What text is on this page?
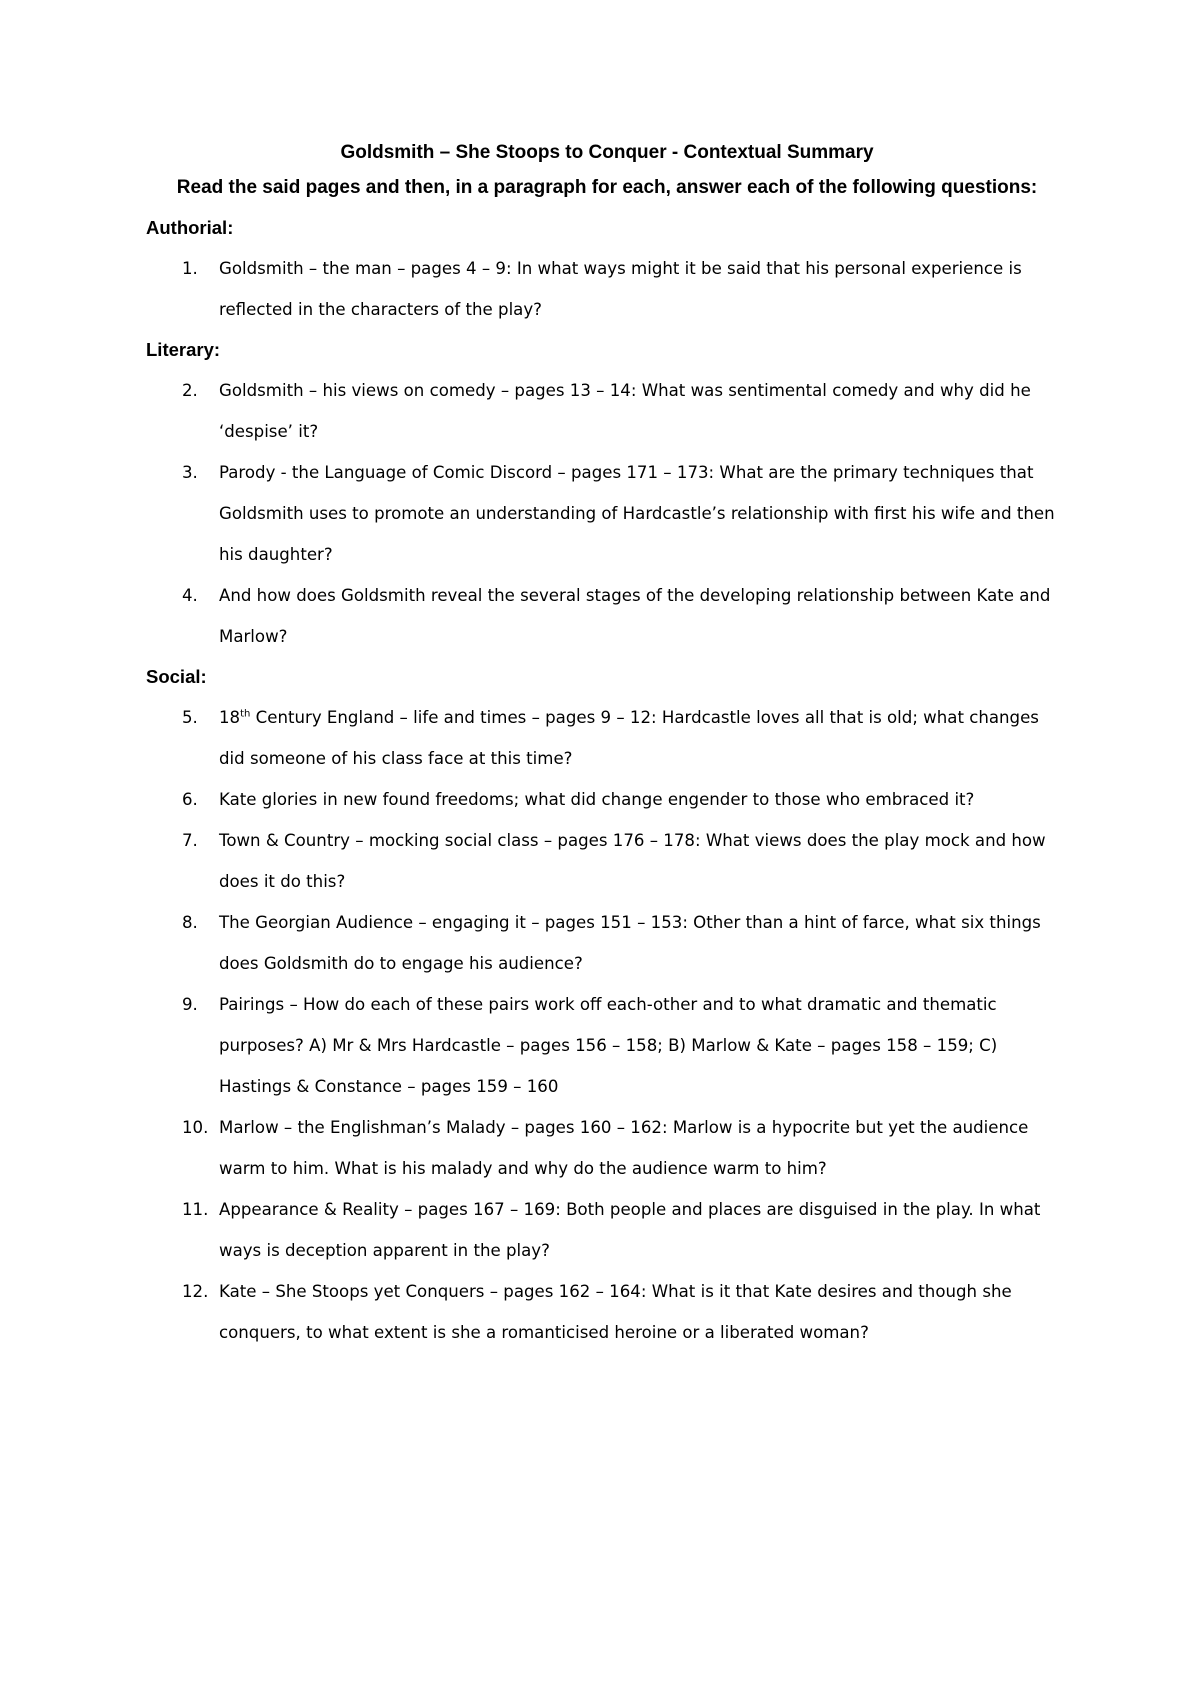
Goldsmith – She Stoops to Conquer - Contextual Summary

Read the said pages and then, in a paragraph for each, answer each of the following questions:

Authorial:

1.	Goldsmith – the man – pages 4 – 9: In what ways might it be said that his personal experience is reflected in the characters of the play?

Literary:

2.	Goldsmith – his views on comedy – pages 13 – 14: What was sentimental comedy and why did he ‘despise’ it?
3.	Parody - the Language of Comic Discord – pages 171 – 173: What are the primary techniques that Goldsmith uses to promote an understanding of Hardcastle’s relationship with first his wife and then his daughter?
4.	And how does Goldsmith reveal the several stages of the developing relationship between Kate and Marlow?

Social:

5.	18th Century England – life and times – pages 9 – 12: Hardcastle loves all that is old; what changes did someone of his class face at this time?
6.	Kate glories in new found freedoms; what did change engender to those who embraced it?
7.	Town & Country – mocking social class – pages 176 – 178: What views does the play mock and how does it do this?
8.	The Georgian Audience – engaging it – pages 151 – 153: Other than a hint of farce, what six things does Goldsmith do to engage his audience?
9.	Pairings – How do each of these pairs work off each-other and to what dramatic and thematic purposes? A) Mr & Mrs Hardcastle – pages 156 – 158; B) Marlow & Kate – pages 158 – 159; C) Hastings & Constance – pages 159 – 160
10. Marlow – the Englishman’s Malady – pages 160 – 162: Marlow is a hypocrite but yet the audience warm to him. What is his malady and why do the audience warm to him?
11. Appearance & Reality – pages 167 – 169: Both people and places are disguised in the play. In what ways is deception apparent in the play?
12. Kate – She Stoops yet Conquers – pages 162 – 164: What is it that Kate desires and though she conquers, to what extent is she a romanticised heroine or a liberated woman?
